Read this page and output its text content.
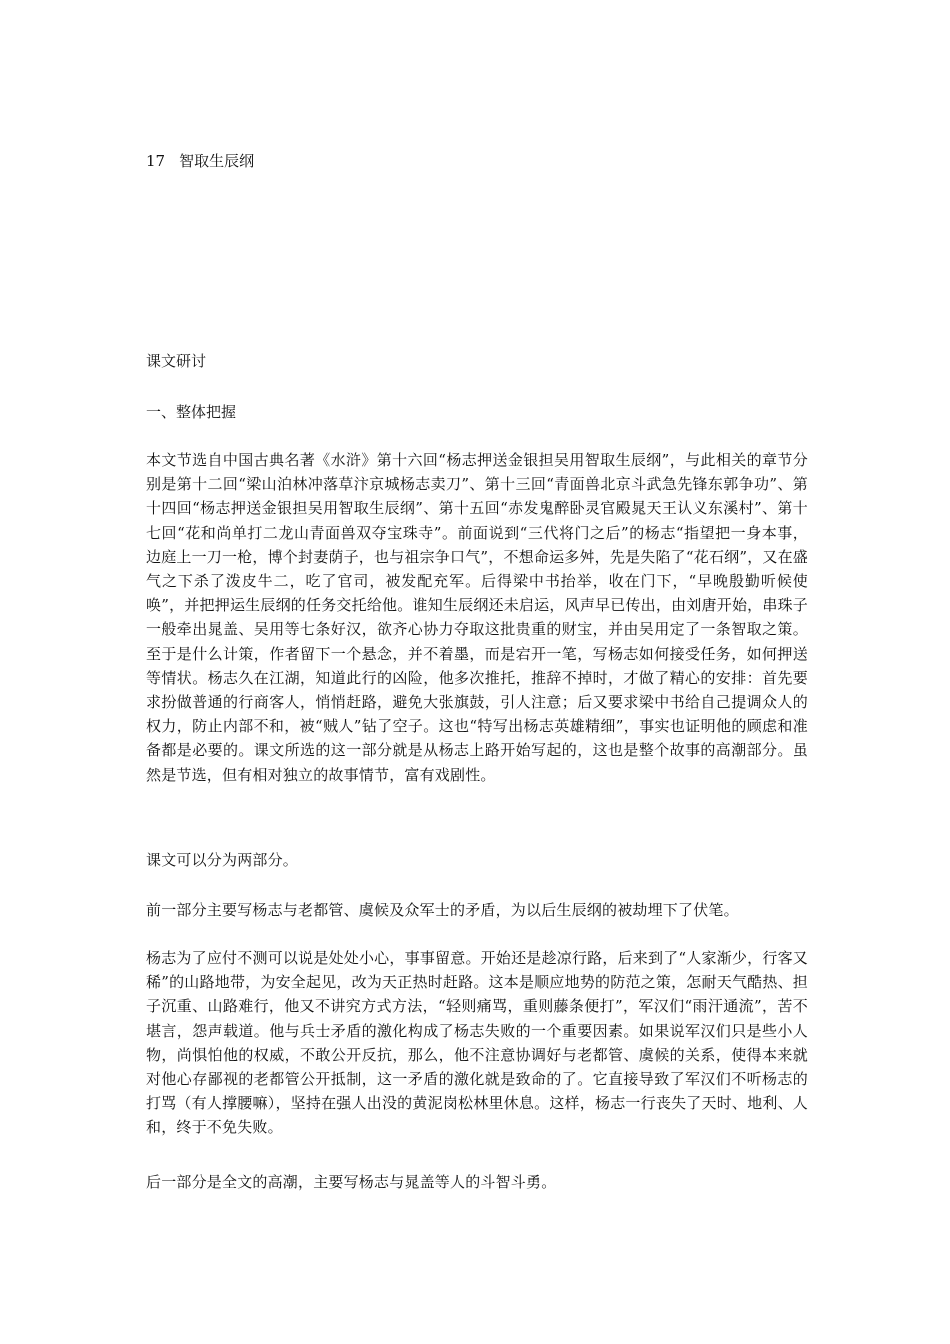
17 智取生辰纲
课文研讨
一、整体把握

本文节选自中国古典名著《水浒》第十六回“杨志押送金银担吴用智取生辰纲”，与此相关的章节分别是第十二回“梁山泊林冲落草汴京城杨志卖刀”、第十三回“青面兽北京斗武急先锋东郭争功”、第十四回“杨志押送金银担吴用智取生辰纲”、第十五回“赤发鬼醉卧灵官殿晁天王认义东溪村”、第十七回“花和尚单打二龙山青面兽双夺宝珠寺”。前面说到“三代将门之后”的杨志“指望把一身本事，边庭上一刀一枪，博个封妻荫子，也与祖宗争口气”，不想命运多舛，先是失陷了“花石纲”，又在盛气之下杀了泼皮牛二，吃了官司，被发配充军。后得梁中书抬举，收在门下，“早晚殷勤听候使唤”，并把押运生辰纲的任务交托给他。谁知生辰纲还未启运，风声早已传出，由刘唐开始，串珠子一般牵出晁盖、吴用等七条好汉，欲齐心协力夺取这批贵重的财宝，并由吴用定了一条智取之策。至于是什么计策，作者留下一个悬念，并不着墨，而是宕开一笔，写杨志如何接受任务，如何押送等情状。杨志久在江湖，知道此行的凶险，他多次推托，推辞不掉时，才做了精心的安排：首先要求扮做普通的行商客人，悄悄赶路，避免大张旗鼓，引人注意；后又要求梁中书给自己提调众人的权力，防止内部不和，被“贼人”钻了空子。这也“特写出杨志英雄精细”，事实也证明他的顾虑和准备都是必要的。课文所选的这一部分就是从杨志上路开始写起的，这也是整个故事的高潮部分。虽然是节选，但有相对独立的故事情节，富有戏剧性。

课文可以分为两部分。

前一部分主要写杨志与老都管、虞候及众军士的矛盾，为以后生辰纲的被劫埋下了伏笔。

杨志为了应付不测可以说是处处小心，事事留意。开始还是趁凉行路，后来到了“人家渐少，行客又稀”的山路地带，为安全起见，改为天正热时赶路。这本是顺应地势的防范之策，怎耐天气酷热、担子沉重、山路难行，他又不讲究方式方法，“轻则痛骂，重则藤条便打”，军汉们“雨汗通流”，苦不堪言，怨声载道。他与兵士矛盾的激化构成了杨志失败的一个重要因素。如果说军汉们只是些小人物，尚惧怕他的权威，不敢公开反抗，那么，他不注意协调好与老都管、虞候的关系，使得本来就对他心存鄙视的老都管公开抵制，这一矛盾的激化就是致命的了。它直接导致了军汉们不听杨志的打骂（有人撑腰嘛），坚持在强人出没的黄泥岗松林里休息。这样，杨志一行丧失了天时、地利、人和，终于不免失败。

后一部分是全文的高潮，主要写杨志与晁盖等人的斗智斗勇。
